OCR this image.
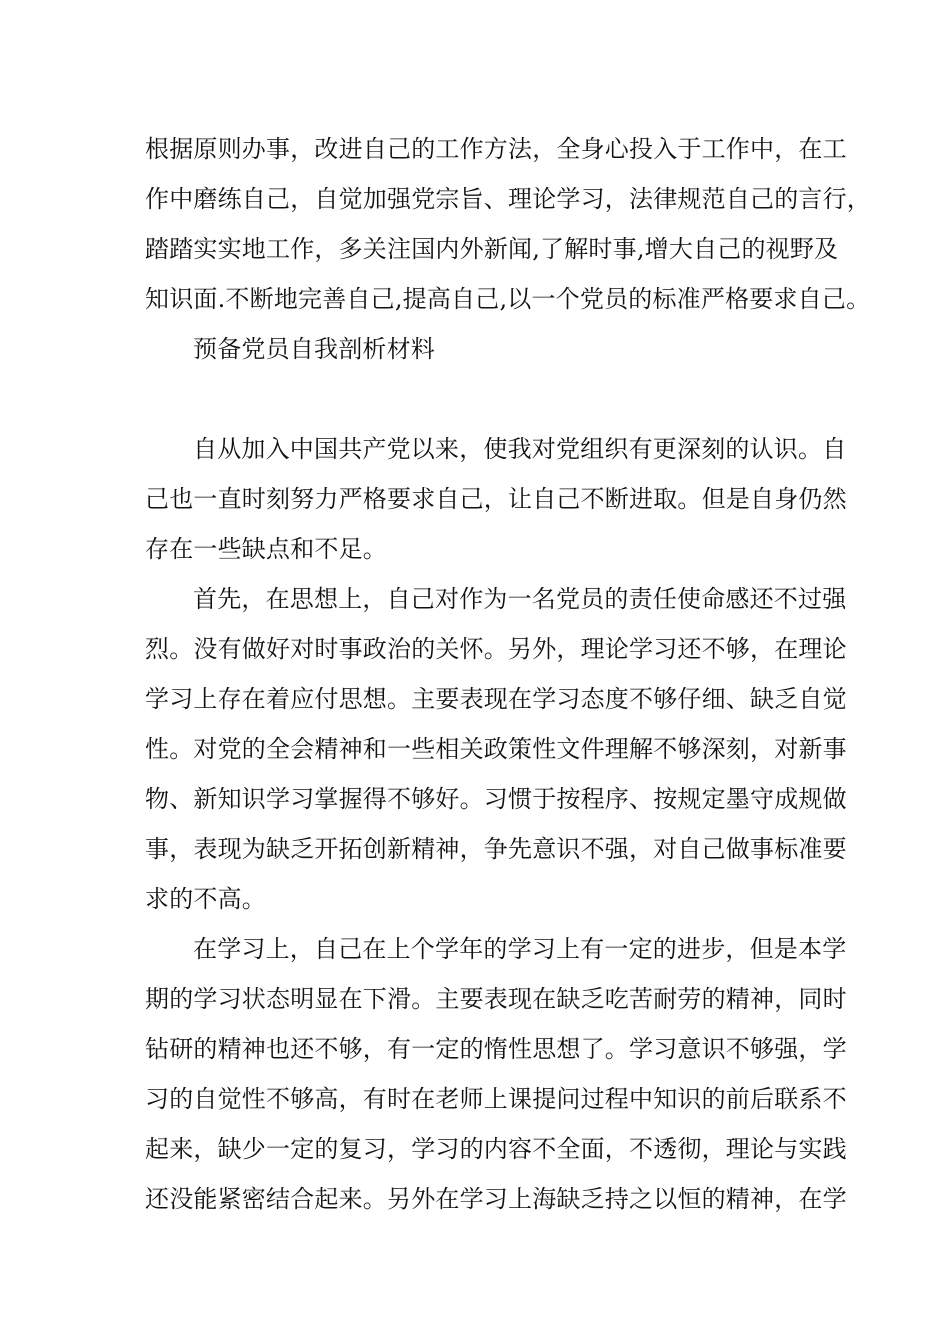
根据原则办事，改进自己的工作方法，全身心投入于工作中，在工
作中磨练自己，自觉加强党宗旨、理论学习，法律规范自己的言行，
踏踏实实地工作，多关注国内外新闻,了解时事,增大自己的视野及
知识面.不断地完善自己,提高自己,以一个党员的标准严格要求自己。
预备党员自我剖析材料
自从加入中国共产党以来，使我对党组织有更深刻的认识。自
己也一直时刻努力严格要求自己，让自己不断进取。但是自身仍然
存在一些缺点和不足。
首先，在思想上，自己对作为一名党员的责任使命感还不过强
烈。没有做好对时事政治的关怀。另外，理论学习还不够，在理论
学习上存在着应付思想。主要表现在学习态度不够仔细、缺乏自觉
性。对党的全会精神和一些相关政策性文件理解不够深刻，对新事
物、新知识学习掌握得不够好。习惯于按程序、按规定墨守成规做
事，表现为缺乏开拓创新精神，争先意识不强，对自己做事标准要
求的不高。
在学习上，自己在上个学年的学习上有一定的进步，但是本学
期的学习状态明显在下滑。主要表现在缺乏吃苦耐劳的精神，同时
钻研的精神也还不够，有一定的惰性思想了。学习意识不够强，学
习的自觉性不够高，有时在老师上课提问过程中知识的前后联系不
起来，缺少一定的复习，学习的内容不全面，不透彻，理论与实践
还没能紧密结合起来。另外在学习上海缺乏持之以恒的精神，在学
